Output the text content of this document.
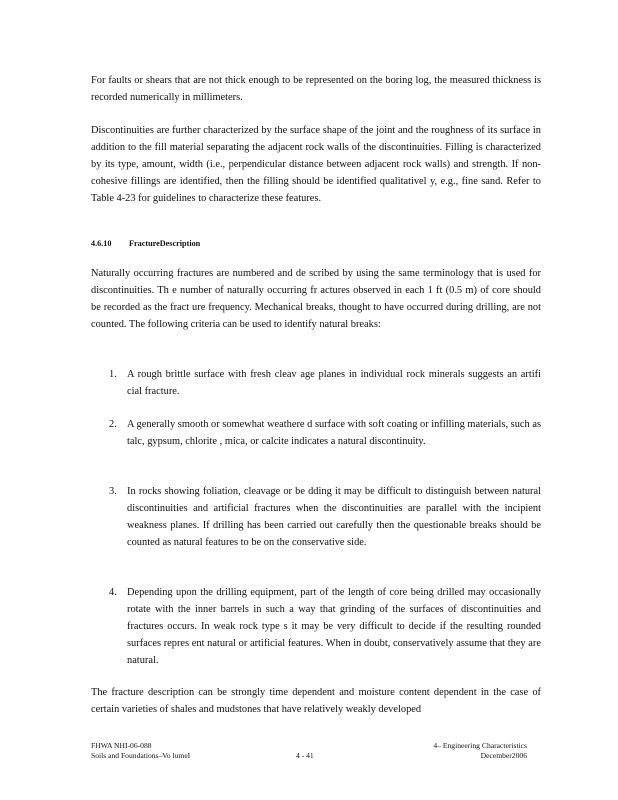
For faults or shears that are not thick enough to be represented on the boring log, the measured thickness is recorded numerically in millimeters.

Discontinuities are further characterized by the surface shape of the joint and the roughness of its surface in addition to the fill material separating the adjacent rock walls of the discontinuities. Filling is characterized by its type, amount, width (i.e., perpendicular distance between adjacent rock walls) and strength. If non- cohesive fillings are identified, then the filling should be identified qualitativel y, e.g., fine sand. Refer to Table 4-23 for guidelines to characterize these features.

4.6.10 FractureDescription

Naturally occurring fractures are numbered and de scribed by using the same terminology that is used for discontinuities. Th e number of naturally occurring fr actures observed in each 1 ft (0.5 m) of core should be recorded as the fract ure frequency. Mechanical breaks, thought to have occurred during drilling, are not counted. The following criteria can be used to identify natural breaks:

1. A rough brittle surface with fresh cleav age planes in individual rock minerals suggests an artifi cial fracture.
2. A generally smooth or somewhat weathere d surface with soft coating or infilling materials, such as talc, gypsum, chlorite , mica, or calcite indicates a natural discontinuity.
3. In rocks showing foliation, cleavage or be dding it may be difficult to distinguish between natural discontinuities and artificial fractures when the discontinuities are parallel with the incipient weakness planes. If drilling has been carried out carefully then the questionable breaks should be counted as natural features to be on the conservative side.
4. Depending upon the drilling equipment, part of the length of core being drilled may occasionally rotate with the inner barrels in such a way that grinding of the surfaces of discontinuities and fractures occurs. In weak rock type s it may be very difficult to decide if the resulting rounded surfaces repres ent natural or artificial features. When in doubt, conservatively assume that they are natural.

The fracture description can be strongly time dependent and moisture content dependent in the case of certain varieties of shales and mudstones that have relatively weakly developed

FHWA NHI-06-088
Soils and Foundations–Vo lumeI	4 - 41
4– Engineering Characteristics
December2006
